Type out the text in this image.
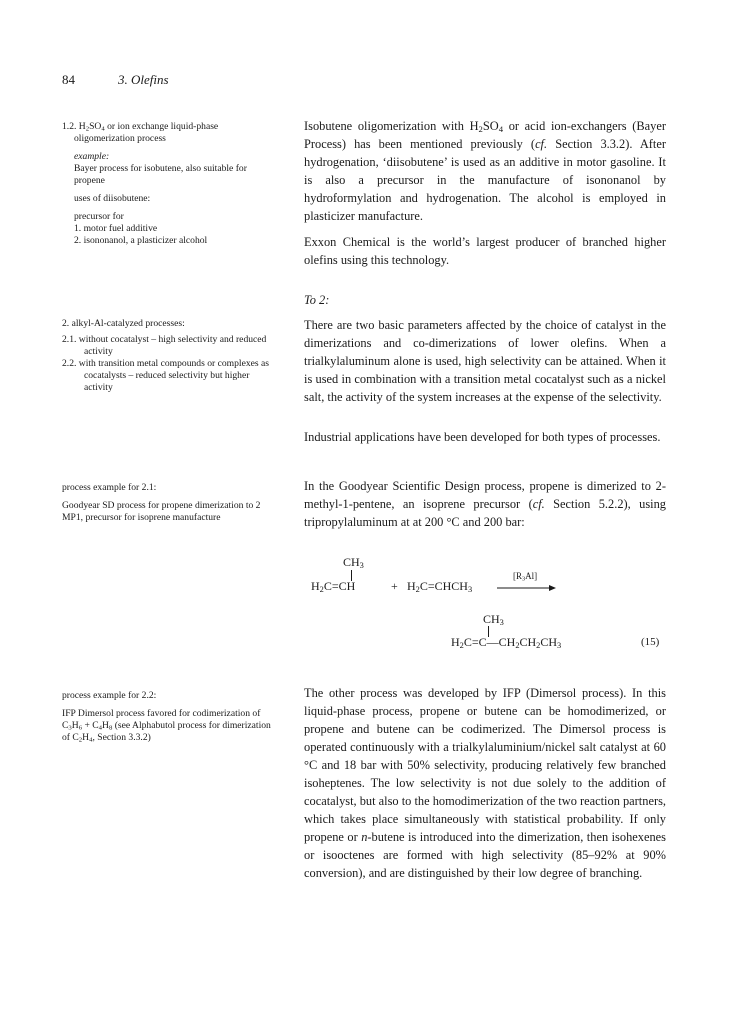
84	3. Olefins
1.2. $H_2SO_4$ or ion exchange liquid-phase oligomerization process
example:
Bayer process for isobutene, also suitable for propene
uses of diisobutene:
precursor for
1. motor fuel additive
2. isononanol, a plasticizer alcohol
2. alkyl-Al-catalyzed processes:
2.1. without cocatalyst – high selectivity and reduced activity
2.2. with transition metal compounds or complexes as cocatalysts – reduced selectivity but higher activity
process example for 2.1:
Goodyear SD process for propene dimerization to 2 MP1, precursor for isoprene manufacture
process example for 2.2:
IFP Dimersol process favored for codimerization of $C_3H_6 + C_4H_8$ (see Alphabutol process for dimerization of $C_2H_4$, Section 3.3.2)

Isobutene oligomerization with $H_2SO_4$ or acid ion-exchangers (Bayer Process) has been mentioned previously (cf. Section 3.3.2). After hydrogenation, ‘diisobutene’ is used as an additive in motor gasoline. It is also a precursor in the manufacture of isononanol by hydroformylation and hydrogenation. The alcohol is employed in plasticizer manufacture.

Exxon Chemical is the world’s largest producer of branched higher olefins using this technology.

To 2:

There are two basic parameters affected by the choice of catalyst in the dimerizations and co-dimerizations of lower olefins. When a trialkylaluminum alone is used, high selectivity can be attained. When it is used in combination with a transition metal cocatalyst such as a nickel salt, the activity of the system increases at the expense of the selectivity.

Industrial applications have been developed for both types of processes.

In the Goodyear Scientific Design process, propene is dimerized to 2-methyl-1-pentene, an isoprene precursor (cf. Section 5.2.2), using tripropylaluminum at at 200 °C and 200 bar:

$CH_3$
$H_2C=CH$	+ $H_2C=CHCH_3$
$[R_3Al]$
$CH_3$
$H_2C=C—CH_2CH_2CH_3$	(15)

The other process was developed by IFP (Dimersol process). In this liquid-phase process, propene or butene can be homodimerized, or propene and butene can be codimerized. The Dimersol process is operated continuously with a trialkylaluminium/nickel salt catalyst at 60 °C and 18 bar with 50% selectivity, producing relatively few branched isoheptenes. The low selectivity is not due solely to the addition of cocatalyst, but also to the homodimerization of the two reaction partners, which takes place simultaneously with statistical probability. If only propene or n-butene is introduced into the dimerization, then isohexenes or isooctenes are formed with high selectivity (85–92% at 90% conversion), and are distinguished by their low degree of branching.
